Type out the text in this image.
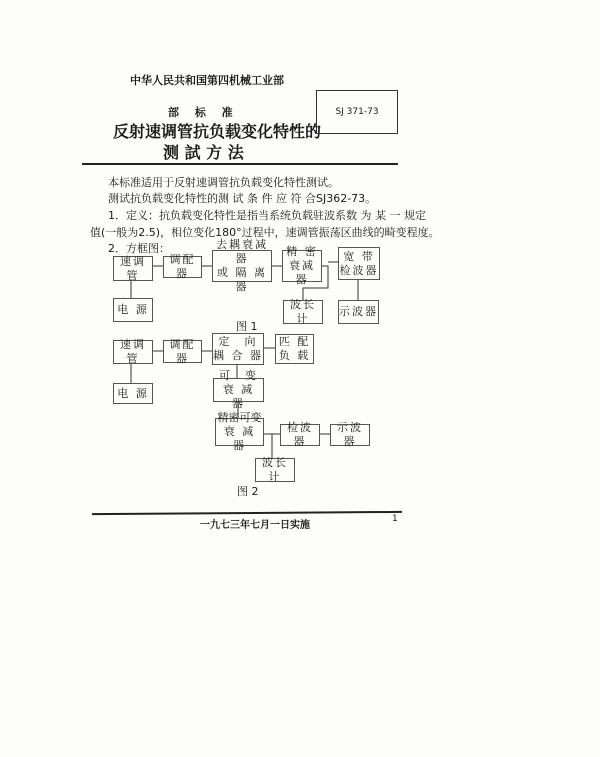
中华人民共和国第四机械工业部
部 标 准
反射速调管抗负载变化特性的
测 試 方 法
SJ 371-73
本标准适用于反射速调管抗负载变化特性测试。
测试抗负载变化特性的测 试 条 件 应 符 合SJ362-73。
1．定义：抗负载变化特性是指当系统负载驻波系数 为 某 一 规定
值(一般为2.5)，相位变化180°过程中，速调管振荡区曲线的畸变程度。
2．方框图：
速调管
调配器
去耦衰减器
或 隔 离 器
精 密
衰减器
宽 带
检波器
电 源	波长计
示波器
图 1
速调管
调配器
定　向
耦 合 器
匹 配
负 载
电 源
可　变
衰 减 器
精密可变
衰 减 器
检波器
示波器
波长计
图 2
一九七三年七月一日实施
1
